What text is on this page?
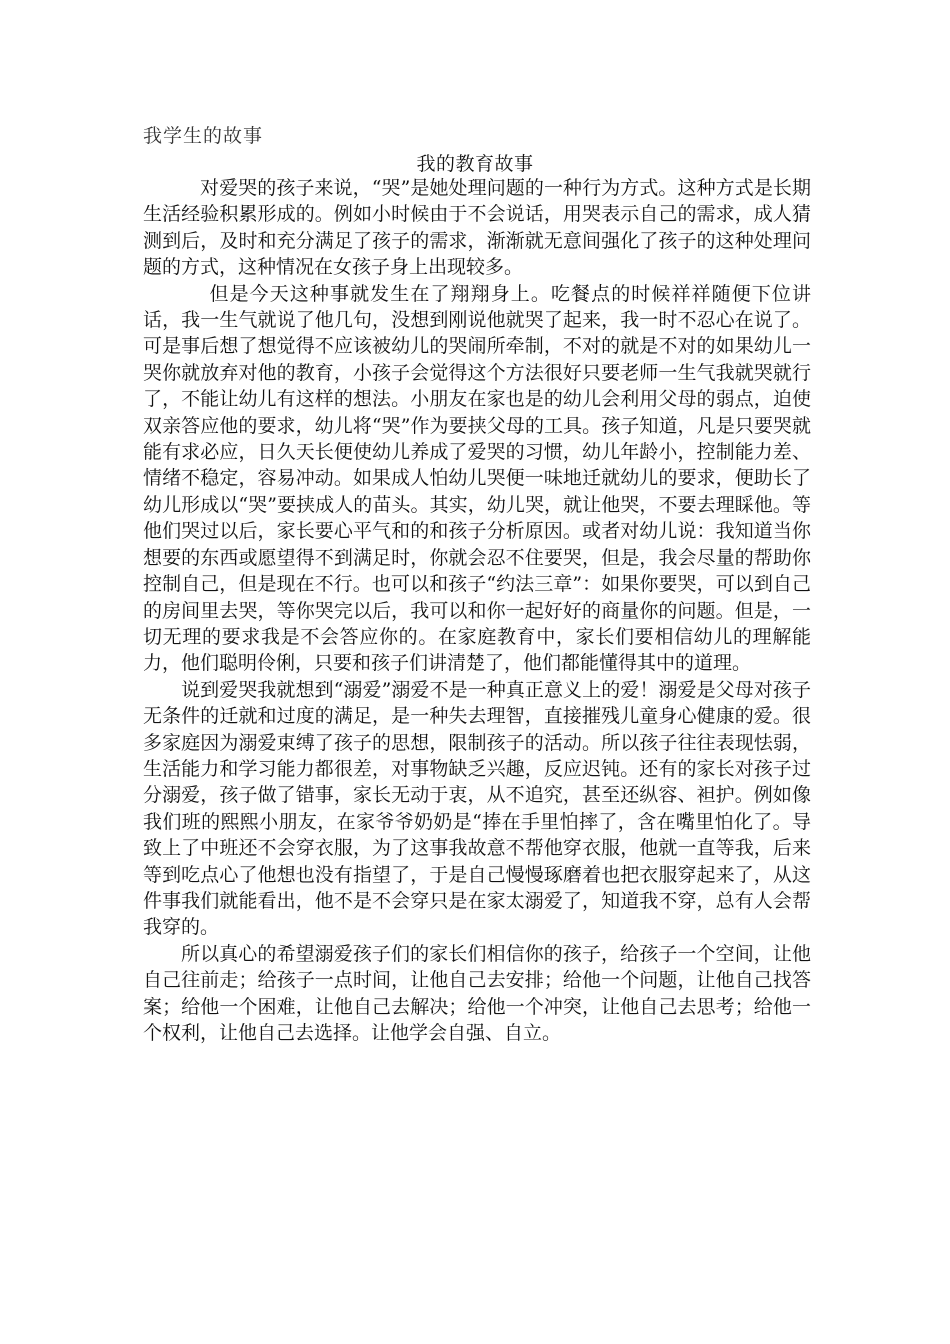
我学生的故事
我的教育故事

对爱哭的孩子来说，“哭”是她处理问题的一种行为方式。这种方式是长期生活经验积累形成的。例如小时候由于不会说话，用哭表示自己的需求，成人猜测到后，及时和充分满足了孩子的需求，渐渐就无意间强化了孩子的这种处理问题的方式，这种情况在女孩子身上出现较多。

但是今天这种事就发生在了翔翔身上。吃餐点的时候祥祥随便下位讲话，我一生气就说了他几句，没想到刚说他就哭了起来，我一时不忍心在说了。可是事后想了想觉得不应该被幼儿的哭闹所牵制，不对的就是不对的如果幼儿一哭你就放弃对他的教育，小孩子会觉得这个方法很好只要老师一生气我就哭就行了，不能让幼儿有这样的想法。小朋友在家也是的幼儿会利用父母的弱点，迫使双亲答应他的要求，幼儿将“哭”作为要挟父母的工具。孩子知道，凡是只要哭就能有求必应，日久天长便使幼儿养成了爱哭的习惯，幼儿年龄小，控制能力差、情绪不稳定，容易冲动。如果成人怕幼儿哭便一味地迁就幼儿的要求，便助长了幼儿形成以“哭”要挟成人的苗头。其实，幼儿哭，就让他哭，不要去理睬他。等他们哭过以后，家长要心平气和的和孩子分析原因。或者对幼儿说：我知道当你想要的东西或愿望得不到满足时，你就会忍不住要哭，但是，我会尽量的帮助你控制自己，但是现在不行。也可以和孩子“约法三章”：如果你要哭，可以到自己的房间里去哭，等你哭完以后，我可以和你一起好好的商量你的问题。但是，一切无理的要求我是不会答应你的。在家庭教育中，家长们要相信幼儿的理解能力，他们聪明伶俐，只要和孩子们讲清楚了，他们都能懂得其中的道理。

说到爱哭我就想到“溺爱”溺爱不是一种真正意义上的爱！溺爱是父母对孩子无条件的迁就和过度的满足，是一种失去理智，直接摧残儿童身心健康的爱。很多家庭因为溺爱束缚了孩子的思想，限制孩子的活动。所以孩子往往表现怯弱，生活能力和学习能力都很差，对事物缺乏兴趣，反应迟钝。还有的家长对孩子过分溺爱，孩子做了错事，家长无动于衷，从不追究，甚至还纵容、袒护。例如像我们班的熙熙小朋友，在家爷爷奶奶是“捧在手里怕摔了，含在嘴里怕化了。导致上了中班还不会穿衣服，为了这事我故意不帮他穿衣服，他就一直等我，后来等到吃点心了他想也没有指望了，于是自己慢慢琢磨着也把衣服穿起来了，从这件事我们就能看出，他不是不会穿只是在家太溺爱了，知道我不穿，总有人会帮我穿的。

所以真心的希望溺爱孩子们的家长们相信你的孩子，给孩子一个空间，让他自己往前走；给孩子一点时间，让他自己去安排；给他一个问题，让他自己找答案；给他一个困难，让他自己去解决；给他一个冲突，让他自己去思考；给他一个权利，让他自己去选择。让他学会自强、自立。
